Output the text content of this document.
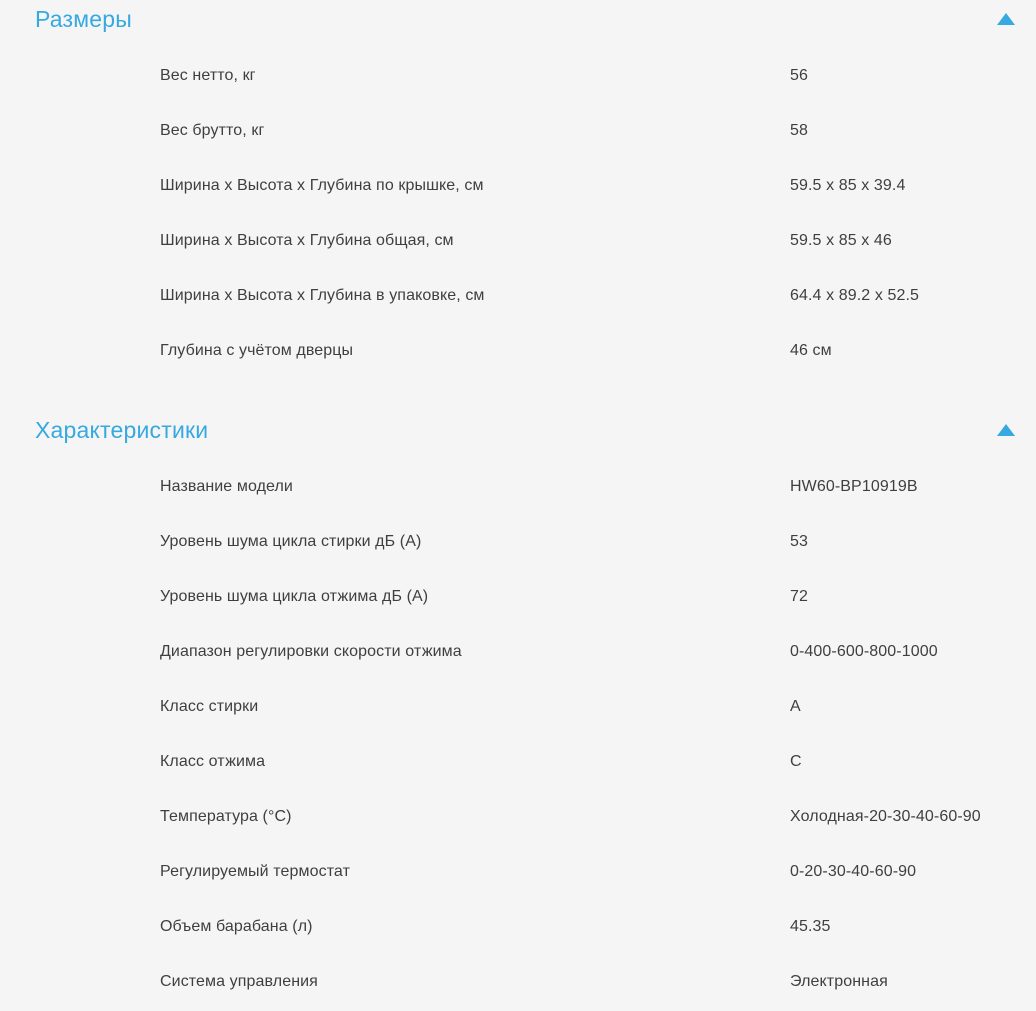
Размеры
Вес нетто, кг	56
Вес брутто, кг	58
Ширина x Высота x Глубина по крышке, см	59.5 x 85 x 39.4
Ширина x Высота x Глубина общая, см	59.5 x 85 x 46
Ширина x Высота x Глубина в упаковке, см	64.4 x 89.2 x 52.5
Глубина с учётом дверцы	46 см
Характеристики
Название модели	HW60-BP10919B
Уровень шума цикла стирки дБ (А)	53
Уровень шума цикла отжима дБ (А)	72
Диапазон регулировки скорости отжима	0-400-600-800-1000
Класс стирки	A
Класс отжима	C
Температура (°C)	Холодная-20-30-40-60-90
Регулируемый термостат	0-20-30-40-60-90
Объем барабана (л)	45.35
Система управления	Электронная
